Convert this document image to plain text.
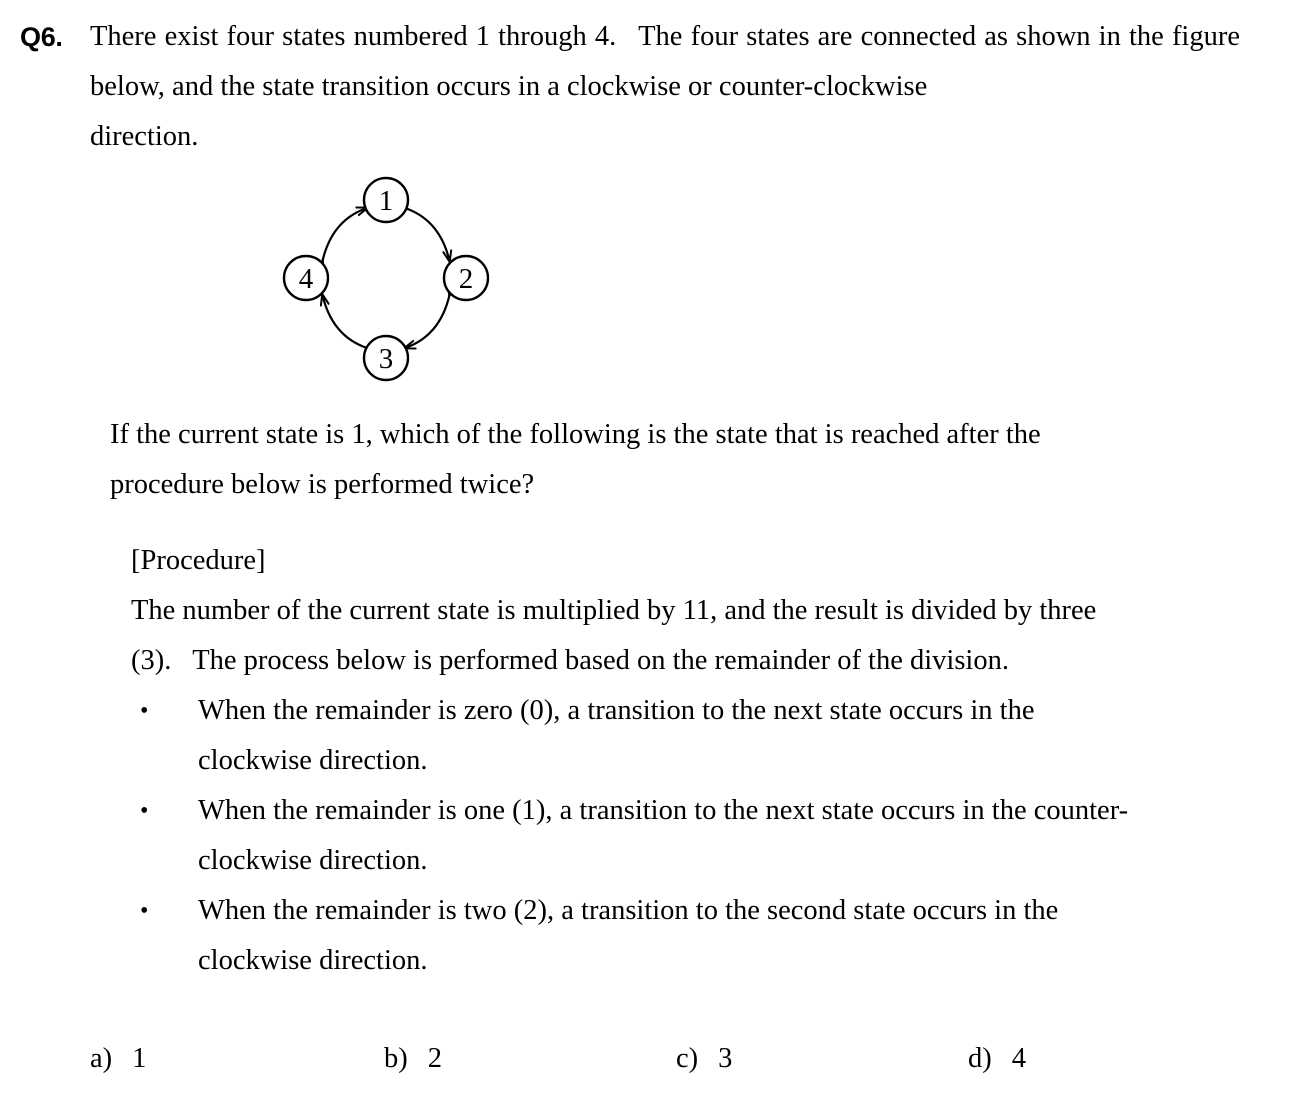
Q6. There exist four states numbered 1 through 4.  The four states are connected as shown in the figure below, and the state transition occurs in a clockwise or counter-clockwise
direction.
1
2
3
4
If the current state is 1, which of the following is the state that is reached after the
procedure below is performed twice?
[Procedure]
The number of the current state is multiplied by 11, and the result is divided by three
(3).  The process below is performed based on the remainder of the division.
•	When the remainder is zero (0), a transition to the next state occurs in the
clockwise direction.
•	When the remainder is one (1), a transition to the next state occurs in the counter-
clockwise direction.
•	When the remainder is two (2), a transition to the second state occurs in the
clockwise direction.
a) 1	b) 2	c) 3	d) 4
